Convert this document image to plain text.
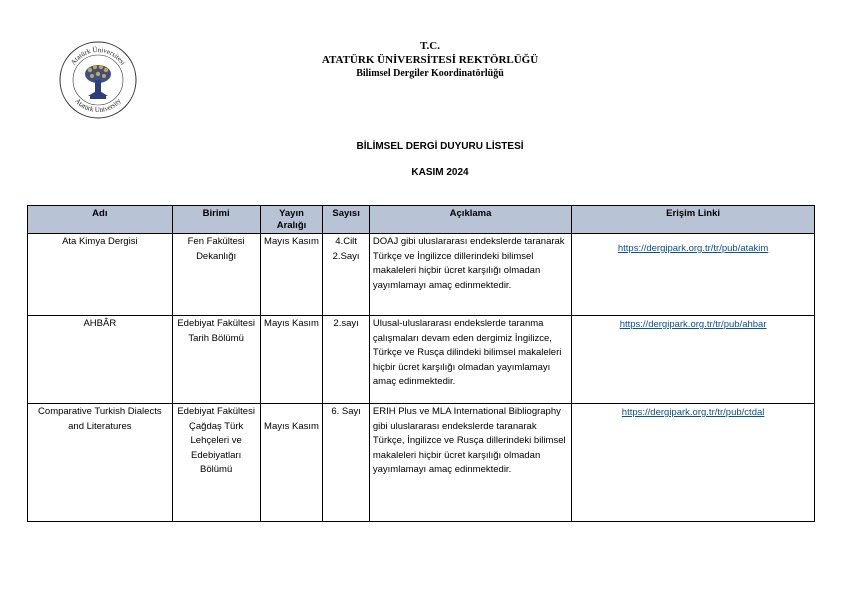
Atatürk Üniversitesi
Atatürk University
T.C.
ATATÜRK ÜNİVERSİTESİ REKTÖRLÜĞÜ
Bilimsel Dergiler Koordinatörlüğü
BİLİMSEL DERGİ DUYURU LİSTESİ
KASIM 2024
Adı	Birimi	Yayın Aralığı	Sayısı	Açıklama	Erişim Linki
Ata Kimya Dergisi	Fen Fakültesi Dekanlığı	Mayıs Kasım	4.Cilt 2.Sayı	DOAJ gibi uluslararası endekslerde taranarak Türkçe ve İngilizce dillerindeki bilimsel makaleleri hiçbir ücret karşılığı olmadan yayımlamayı amaç edinmektedir.	https://dergipark.org.tr/tr/pub/atakim
AHBÂR	Edebiyat Fakültesi Tarih Bölümü	Mayıs Kasım	2.sayı	Ulusal-uluslararası endekslerde taranma çalışmaları devam eden dergimiz İngilizce, Türkçe ve Rusça dilindeki bilimsel makaleleri hiçbir ücret karşılığı olmadan yayımlamayı amaç edinmektedir.	https://dergipark.org.tr/tr/pub/ahbar
Comparative Turkish Dialects and Literatures	Edebiyat Fakültesi Çağdaş Türk Lehçeleri ve Edebiyatları Bölümü	Mayıs Kasım	6. Sayı	ERIH Plus ve MLA International Bibliography gibi uluslararası endekslerde taranarak Türkçe, İngilizce ve Rusça dillerindeki bilimsel makaleleri hiçbir ücret karşılığı olmadan yayımlamayı amaç edinmektedir.	https://dergipark.org.tr/tr/pub/ctdal
